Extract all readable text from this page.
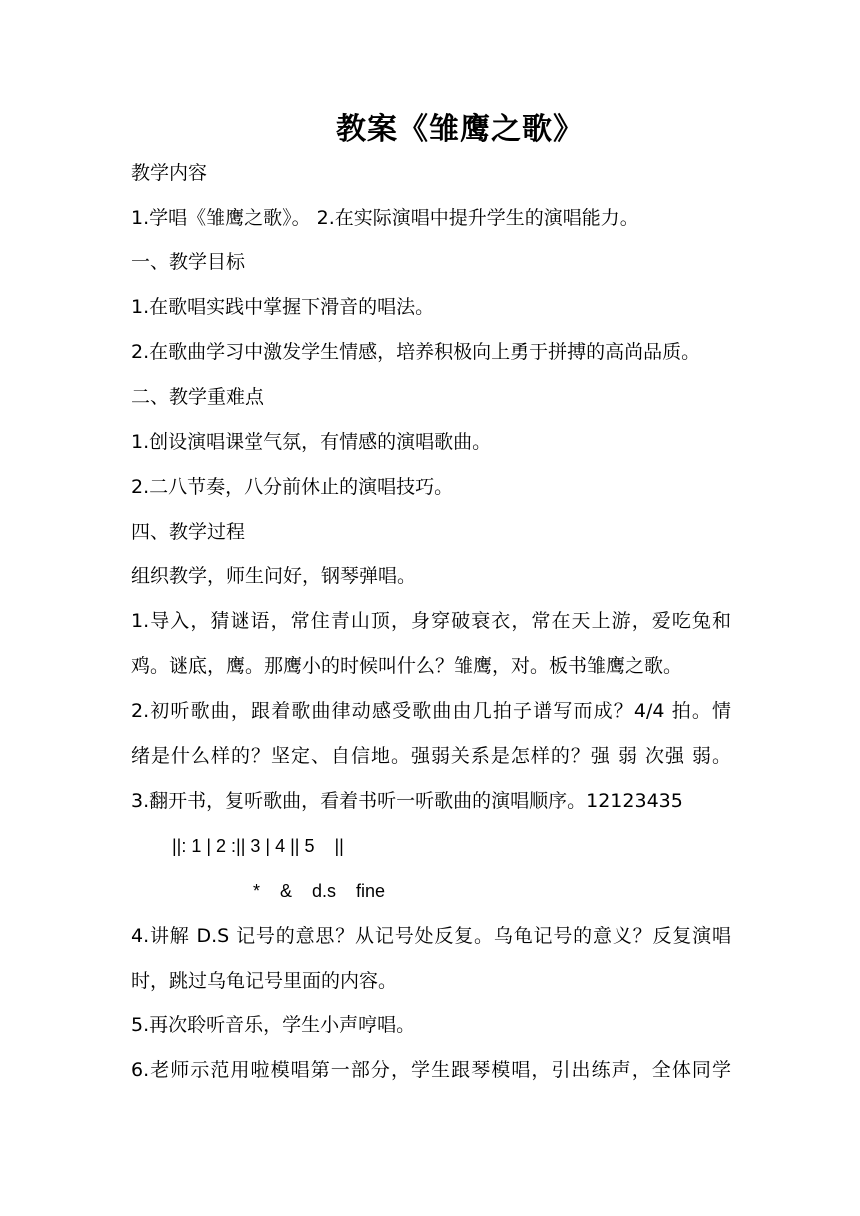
教案《雏鹰之歌》
教学内容
1.学唱《雏鹰之歌》。 2.在实际演唱中提升学生的演唱能力。
一、教学目标
1.在歌唱实践中掌握下滑音的唱法。
2.在歌曲学习中激发学生情感，培养积极向上勇于拼搏的高尚品质。
二、教学重难点
1.创设演唱课堂气氛，有情感的演唱歌曲。
2.二八节奏，八分前休止的演唱技巧。
四、教学过程
组织教学，师生问好，钢琴弹唱。
1.导入，猜谜语，常住青山顶，身穿破衰衣，常在天上游，爱吃兔和
鸡。谜底，鹰。那鹰小的时候叫什么？雏鹰，对。板书雏鹰之歌。
2.初听歌曲，跟着歌曲律动感受歌曲由几拍子谱写而成？4/4 拍。情
绪是什么样的？坚定、自信地。强弱关系是怎样的？强 弱 次强 弱。
3.翻开书，复听歌曲，看着书听一听歌曲的演唱顺序。12123435
||: 1 | 2 :|| 3 | 4 || 5    ||
*    &    d.s    fine
4.讲解 D.S 记号的意思？从记号处反复。乌龟记号的意义？反复演唱
时，跳过乌龟记号里面的内容。
5.再次聆听音乐，学生小声哼唱。
6.老师示范用啦模唱第一部分，学生跟琴模唱，引出练声，全体同学
